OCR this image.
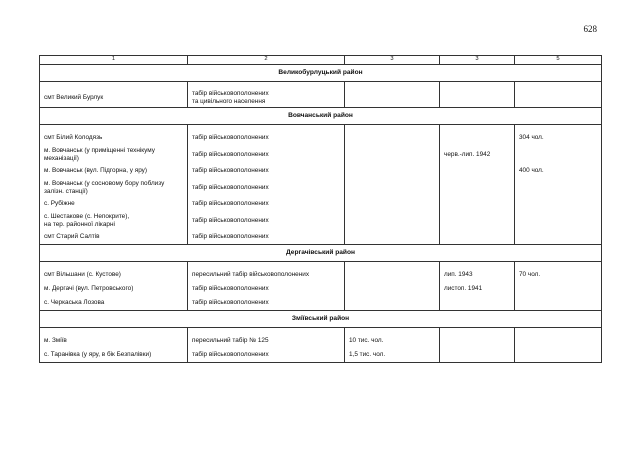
628
1	2	3	3	5
Великобурлуцький район				

смт Великий Бурлук	табір військовополонених
та цивільного населення			
Вовчанський район				

смт Білий Колодязь	табір військовополонених			304 чол.
м. Вовчанськ (у приміщенні технікуму
механізації)	табір військовополонених		черв.-лип. 1942	
м. Вовчанськ (вул. Підгорна, у яру)	табір військовополонених			400 чол.
м. Вовчанськ (у сосновому бору поблизу
залізн. станції)	табір військовополонених			
с. Рубіжне	табір військовополонених			
с. Шестакове (с. Непокрите),
на тер. районної лікарні	табір військовополонених			
смт Старий Салтів	табір військовополонених			
Дергачівський район				

смт Вільшани (с. Кустове)	пересильний табір військовополонених		лип. 1943	70 чол.
м. Дергачі (вул. Петровського)	табір військовополонених		листоп. 1941	
с. Черкаська Лозова	табір військовополонених			
Зміївський район				

м. Зміїв	пересильний табір № 125	10 тис. чол.		
с. Таранівка (у яру, в бік Безпалівки)	табір військовополонених	1,5 тис. чол.		
